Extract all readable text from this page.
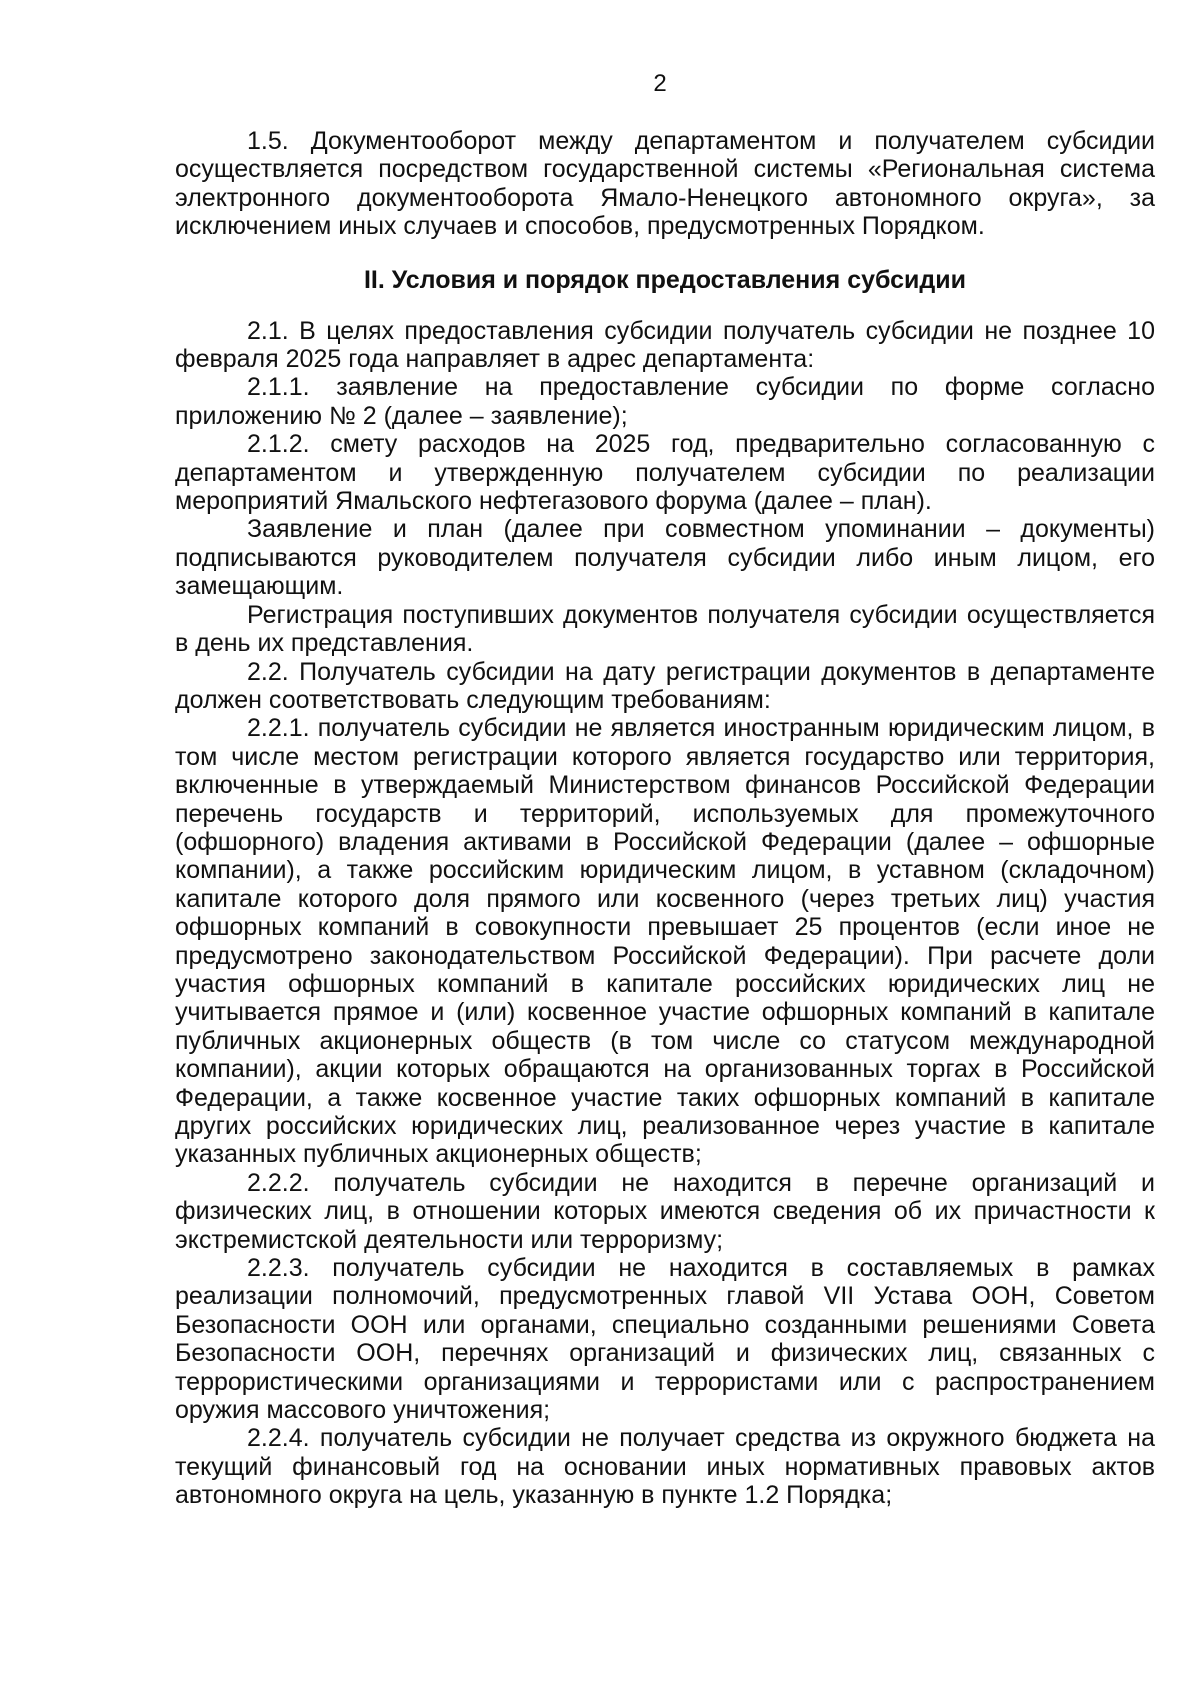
2

1.5. Документооборот между департаментом и получателем субсидии осуществляется посредством государственной системы «Региональная система электронного документооборота Ямало-Ненецкого автономного округа», за исключением иных случаев и способов, предусмотренных Порядком.

II. Условия и порядок предоставления субсидии

2.1. В целях предоставления субсидии получатель субсидии не позднее 10 февраля 2025 года направляет в адрес департамента:

2.1.1. заявление на предоставление субсидии по форме согласно приложению № 2 (далее – заявление);

2.1.2. смету расходов на 2025 год, предварительно согласованную с департаментом и утвержденную получателем субсидии по реализации мероприятий Ямальского нефтегазового форума (далее – план).

Заявление и план (далее при совместном упоминании – документы) подписываются руководителем получателя субсидии либо иным лицом, его замещающим.

Регистрация поступивших документов получателя субсидии осуществляется в день их представления.

2.2. Получатель субсидии на дату регистрации документов в департаменте должен соответствовать следующим требованиям:

2.2.1. получатель субсидии не является иностранным юридическим лицом, в том числе местом регистрации которого является государство или территория, включенные в утверждаемый Министерством финансов Российской Федерации перечень государств и территорий, используемых для промежуточного (офшорного) владения активами в Российской Федерации (далее – офшорные компании), а также российским юридическим лицом, в уставном (складочном) капитале которого доля прямого или косвенного (через третьих лиц) участия офшорных компаний в совокупности превышает 25 процентов (если иное не предусмотрено законодательством Российской Федерации). При расчете доли участия офшорных компаний в капитале российских юридических лиц не учитывается прямое и (или) косвенное участие офшорных компаний в капитале публичных акционерных обществ (в том числе со статусом международной компании), акции которых обращаются на организованных торгах в Российской Федерации, а также косвенное участие таких офшорных компаний в капитале других российских юридических лиц, реализованное через участие в капитале указанных публичных акционерных обществ;

2.2.2. получатель субсидии не находится в перечне организаций и физических лиц, в отношении которых имеются сведения об их причастности к экстремистской деятельности или терроризму;

2.2.3. получатель субсидии не находится в составляемых в рамках реализации полномочий, предусмотренных главой VII Устава ООН, Советом Безопасности ООН или органами, специально созданными решениями Совета Безопасности ООН, перечнях организаций и физических лиц, связанных с террористическими организациями и террористами или с распространением оружия массового уничтожения;

2.2.4. получатель субсидии не получает средства из окружного бюджета на текущий финансовый год на основании иных нормативных правовых актов автономного округа на цель, указанную в пункте 1.2 Порядка;
